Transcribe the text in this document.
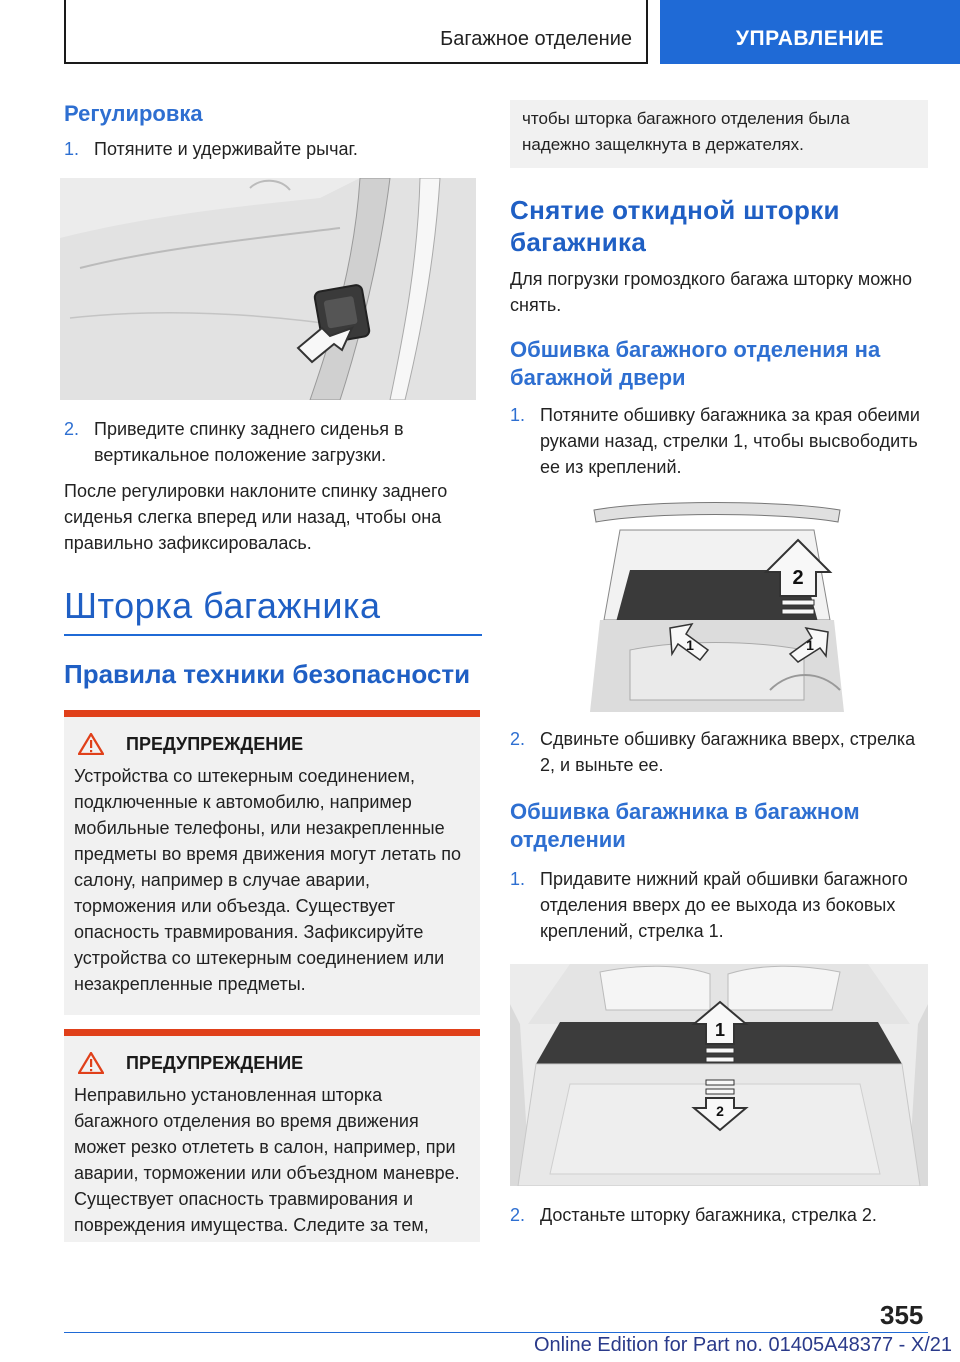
Багажное отделение	УПРАВЛЕНИЕ
Регулировка
1. Потяните и удерживайте рычаг.
2. Приведите спинку заднего сиденья в вертикальное положение загрузки.

После регулировки наклоните спинку заднего сиденья слегка вперед или назад, чтобы она правильно зафиксировалась.

Шторка багажника
Правила техники безопасности
ПРЕДУПРЕЖДЕНИЕ

Устройства со штекерным соединением, подключенные к автомобилю, например мобильные телефоны, или незакрепленные предметы во время движения могут летать по салону, например в случае аварии, торможения или объезда. Существует опасность травмирования. Зафиксируйте устройства со штекерным соединением или незакрепленные предметы.

ПРЕДУПРЕЖДЕНИЕ

Неправильно установленная шторка багажного отделения во время движения может резко отлететь в салон, например, при аварии, торможении или объездном маневре. Существует опасность травмирования и повреждения имущества. Следите за тем,

чтобы шторка багажного отделения была надежно защелкнута в держателях.
Снятие откидной шторки багажника

Для погрузки громоздкого багажа шторку можно снять.

Обшивка багажного отделения на багажной двери
1. Потяните обшивку багажника за края обеими руками назад, стрелки 1, чтобы высвободить ее из креплений.
2
1	1
2. Сдвиньте обшивку багажника вверх, стрелка 2, и выньте ее.
Обшивка багажника в багажном отделении
1. Придавите нижний край обшивки багажного отделения вверх до ее выхода из боковых креплений, стрелка 1.
1
2
2. Достаньте шторку багажника, стрелка 2.
355
Online Edition for Part no. 01405A48377 - X/21
